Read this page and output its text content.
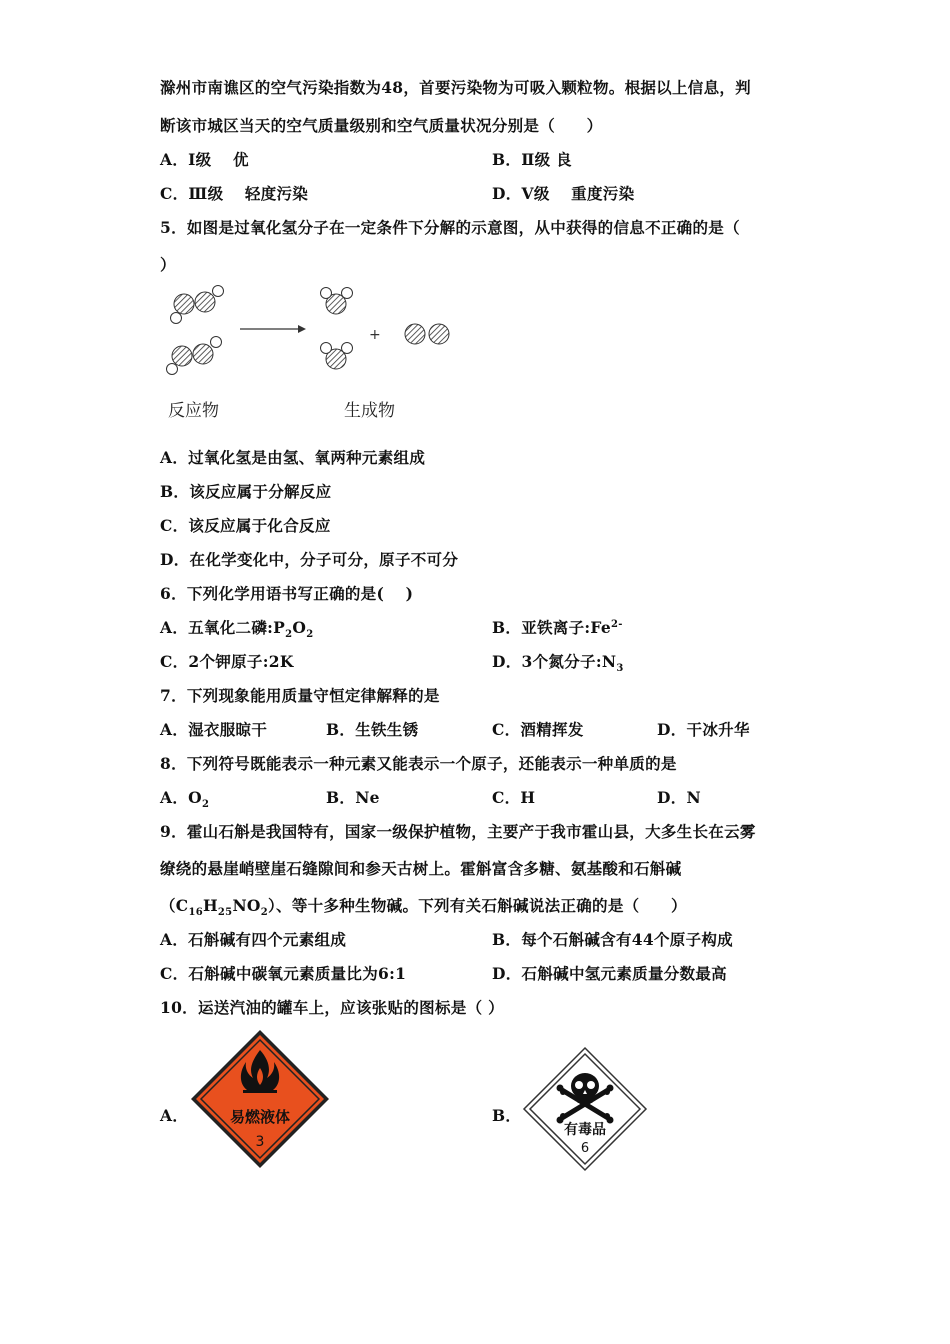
滁州市南谯区的空气污染指数为48，首要污染物为可吸入颗粒物。根据以上信息，判
断该市城区当天的空气质量级别和空气质量状况分别是（　　）
A．Ⅰ级　 优	B．Ⅱ级 良
C．Ⅲ级　 轻度污染	D．Ⅴ级　 重度污染
5．如图是过氧化氢分子在一定条件下分解的示意图，从中获得的信息不正确的是（
）
+
反应物	生成物
A．过氧化氢是由氢、氧两种元素组成
B．该反应属于分解反应
C．该反应属于化合反应
D．在化学变化中，分子可分，原子不可分
6．下列化学用语书写正确的是(　 )
A．五氧化二磷$:P_2O_2$	B．亚铁离子$:Fe^{2-}$
C．2个钾原子:2K	D．3个氮分子$:N_3$
7．下列现象能用质量守恒定律解释的是
A．湿衣服晾干	B．生铁生锈	C．酒精挥发	D．干冰升华
8．下列符号既能表示一种元素又能表示一个原子，还能表示一种单质的是
A．$O_2$	B．Ne	C．H	D．N
9．霍山石斛是我国特有，国家一级保护植物，主要产于我市霍山县，大多生长在云雾
缭绕的悬崖峭壁崖石缝隙间和参天古树上。霍斛富含多糖、氨基酸和石斛碱
$(C_{16}H_{25}NO_2)$、等十多种生物碱。下列有关石斛碱说法正确的是（　　）
A．石斛碱有四个元素组成	B．每个石斛碱含有44个原子构成
C．石斛碱中碳氧元素质量比为6:1	D．石斛碱中氢元素质量分数最高
10．运送汽油的罐车上，应该张贴的图标是（ ）
A．	易燃液体
3
B．
有毒品
6
